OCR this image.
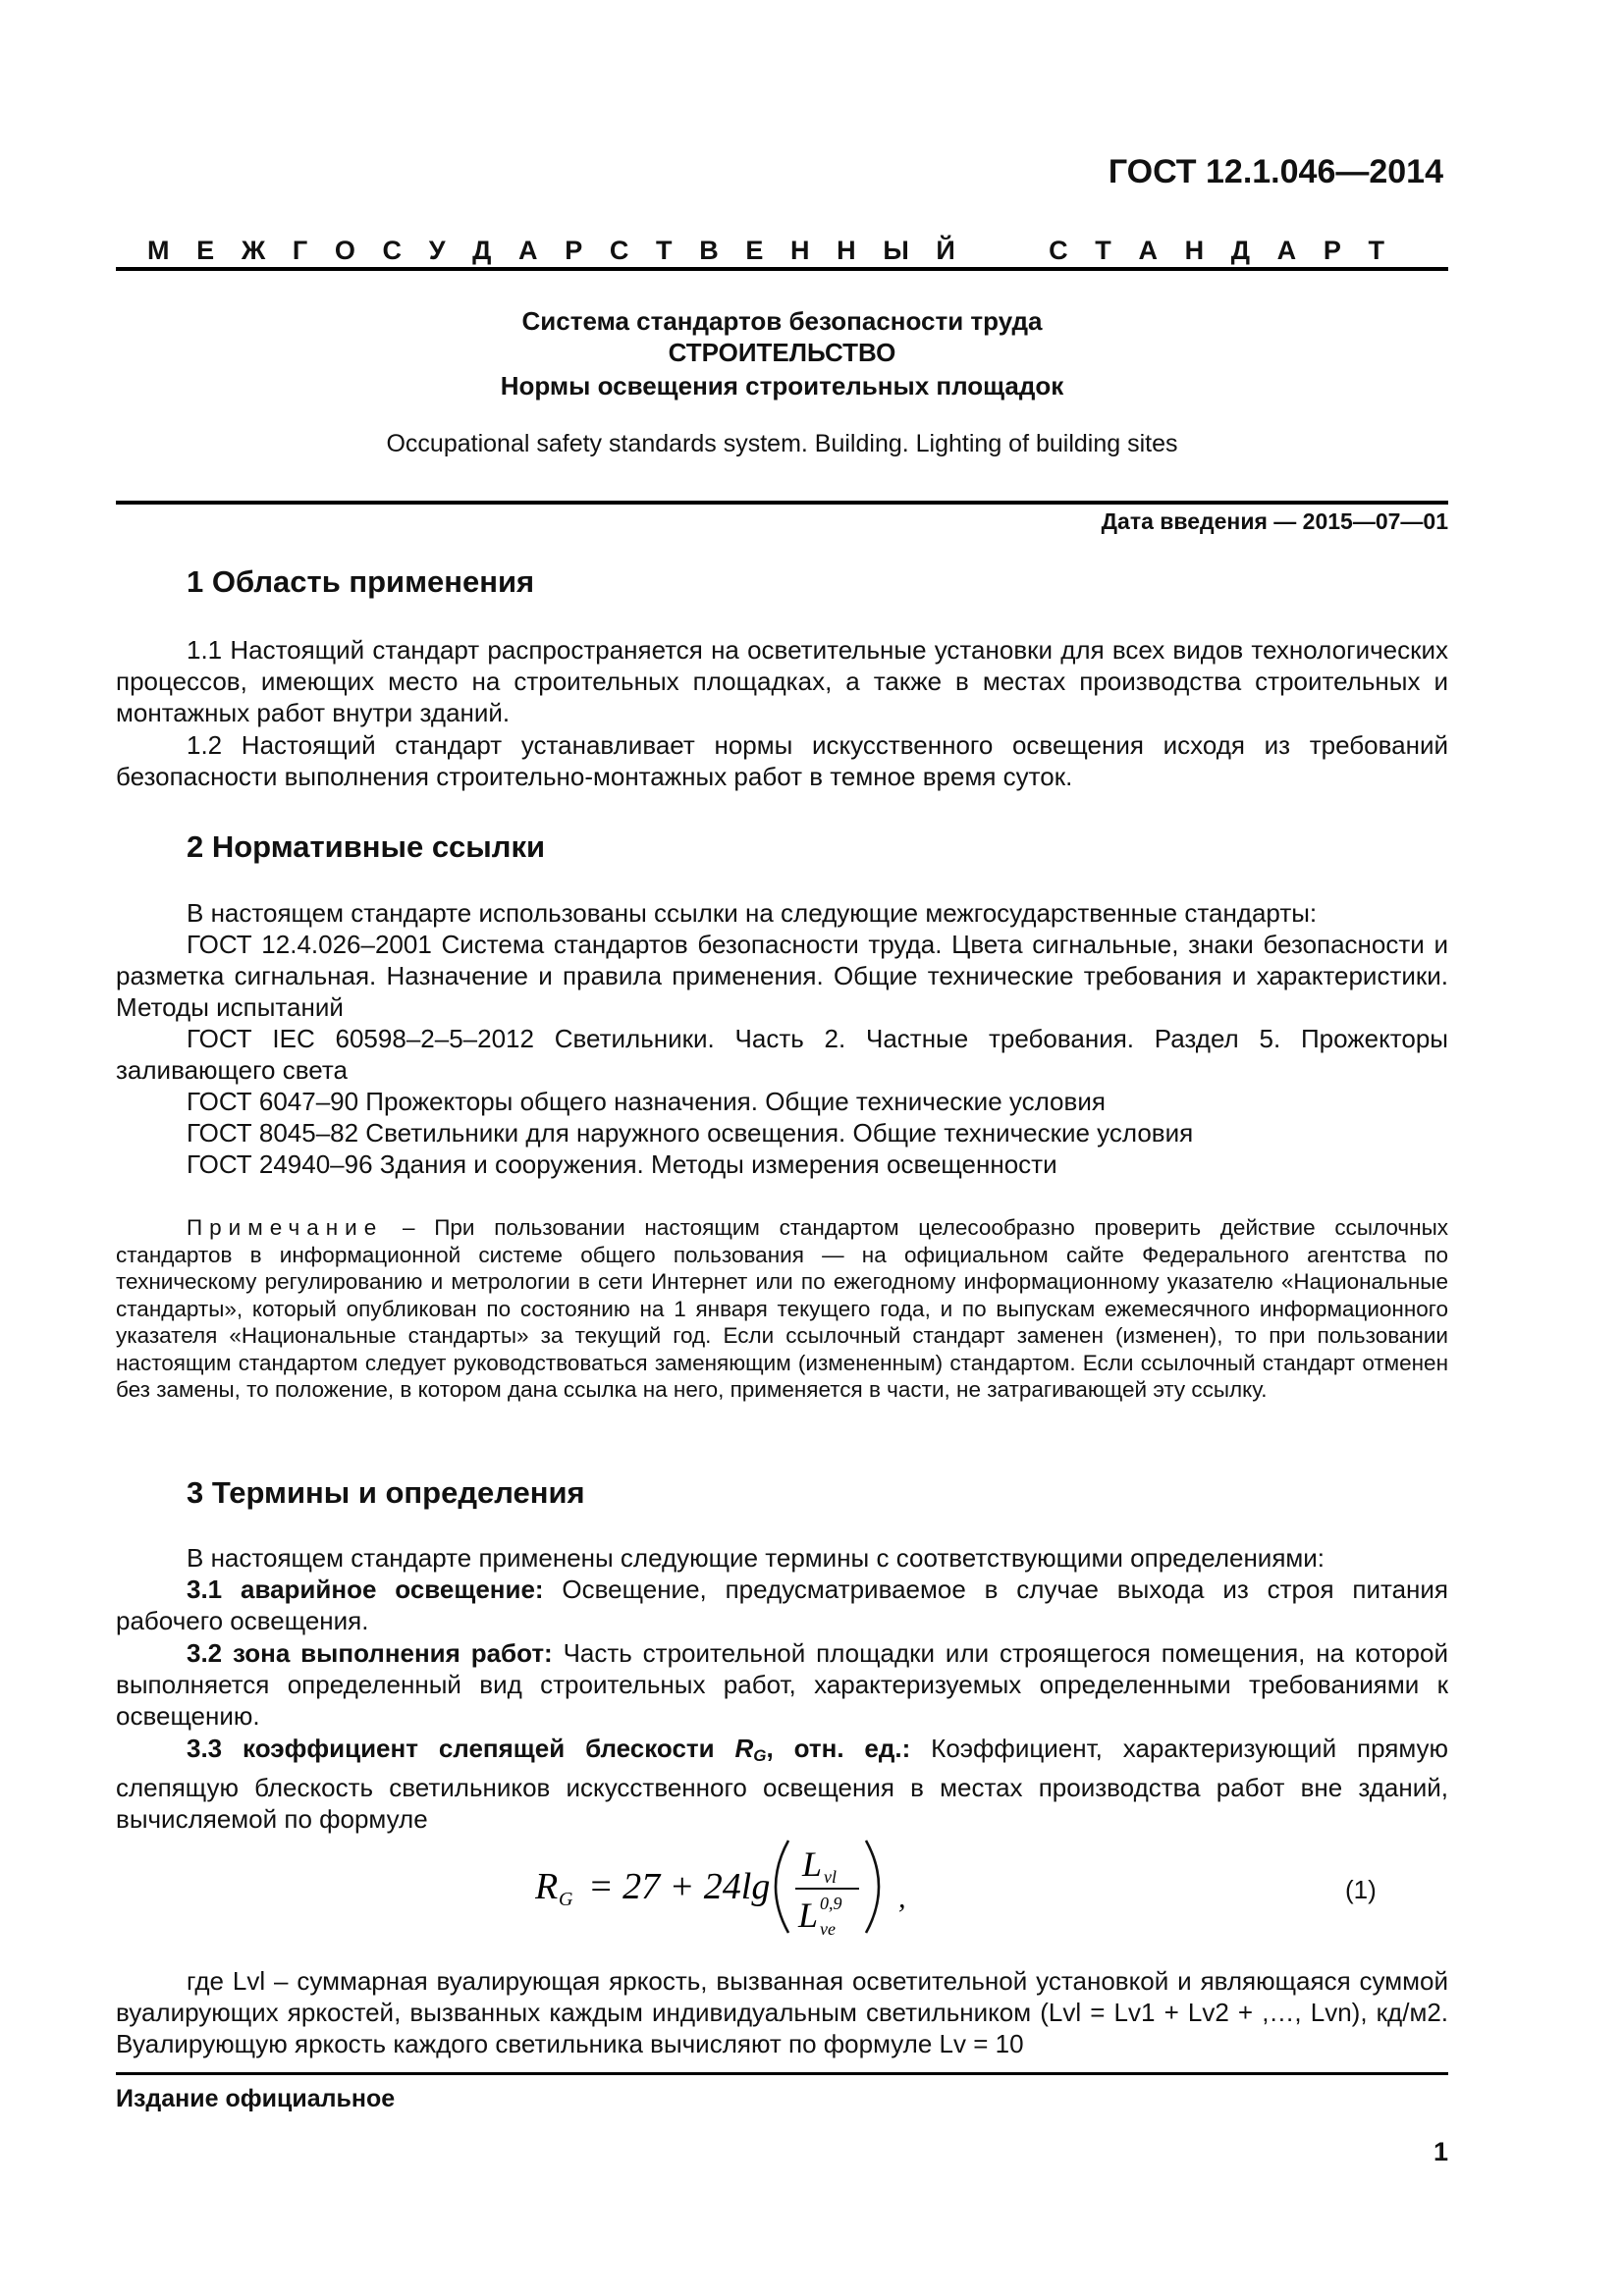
ГОСТ 12.1.046—2014
М Е Ж Г О С У Д А Р С Т В Е Н Н Ы Й	С Т А Н Д А Р Т
Система стандартов безопасности труда
СТРОИТЕЛЬСТВО
Нормы освещения строительных площадок
Occupational safety standards system. Building. Lighting of building sites
Дата введения — 2015—07—01
1 Область применения
1.1 Настоящий стандарт распространяется на осветительные установки для всех видов технологических процессов, имеющих место на строительных площадках, а также в местах производства строительных и монтажных работ внутри зданий.
1.2 Настоящий стандарт устанавливает нормы искусственного освещения исходя из требований безопасности выполнения строительно-монтажных работ в темное время суток.
2 Нормативные ссылки
В настоящем стандарте использованы ссылки на следующие межгосударственные стандарты:
ГОСТ 12.4.026–2001 Система стандартов безопасности труда. Цвета сигнальные, знаки безопасности и разметка сигнальная. Назначение и правила применения. Общие технические требования и характеристики. Методы испытаний
ГОСТ IEC 60598–2–5–2012 Светильники. Часть 2. Частные требования. Раздел 5. Прожекторы заливающего света
ГОСТ 6047–90 Прожекторы общего назначения. Общие технические условия
ГОСТ 8045–82 Светильники для наружного освещения. Общие технические условия
ГОСТ 24940–96 Здания и сооружения. Методы измерения освещенности
Примечание – При пользовании настоящим стандартом целесообразно проверить действие ссылочных стандартов в информационной системе общего пользования — на официальном сайте Федерального агентства по техническому регулированию и метрологии в сети Интернет или по ежегодному информационному указателю «Национальные стандарты», который опубликован по состоянию на 1 января текущего года, и по выпускам ежемесячного информационного указателя «Национальные стандарты» за текущий год. Если ссылочный стандарт заменен (изменен), то при пользовании настоящим стандартом следует руководствоваться заменяющим (измененным) стандартом. Если ссылочный стандарт отменен без замены, то положение, в котором дана ссылка на него, применяется в части, не затрагивающей эту ссылку.
3 Термины и определения
В настоящем стандарте применены следующие термины с соответствующими определениями:
3.1 аварийное освещение: Освещение, предусматриваемое в случае выхода из строя питания рабочего освещения.
3.2 зона выполнения работ: Часть строительной площадки или строящегося помещения, на которой выполняется определенный вид строительных работ, характеризуемых определенными требованиями к освещению.
3.3 коэффициент слепящей блескости RG, отн. ед.: Коэффициент, характеризующий прямую слепящую блескость светильников искусственного освещения в местах производства работ вне зданий, вычисляемой по формуле
R G = 27 + 24lg
L vl
L 0,9
ve
,	(1)
где Lvl – суммарная вуалирующая яркость, вызванная осветительной установкой и являющаяся суммой вуалирующих яркостей, вызванных каждым индивидуальным светильником (Lvl = Lv1 + Lv2 + ,…, Lvn), кд/м2. Вуалирующую яркость каждого светильника вычисляют по формуле Lv = 10
Издание официальное
1
